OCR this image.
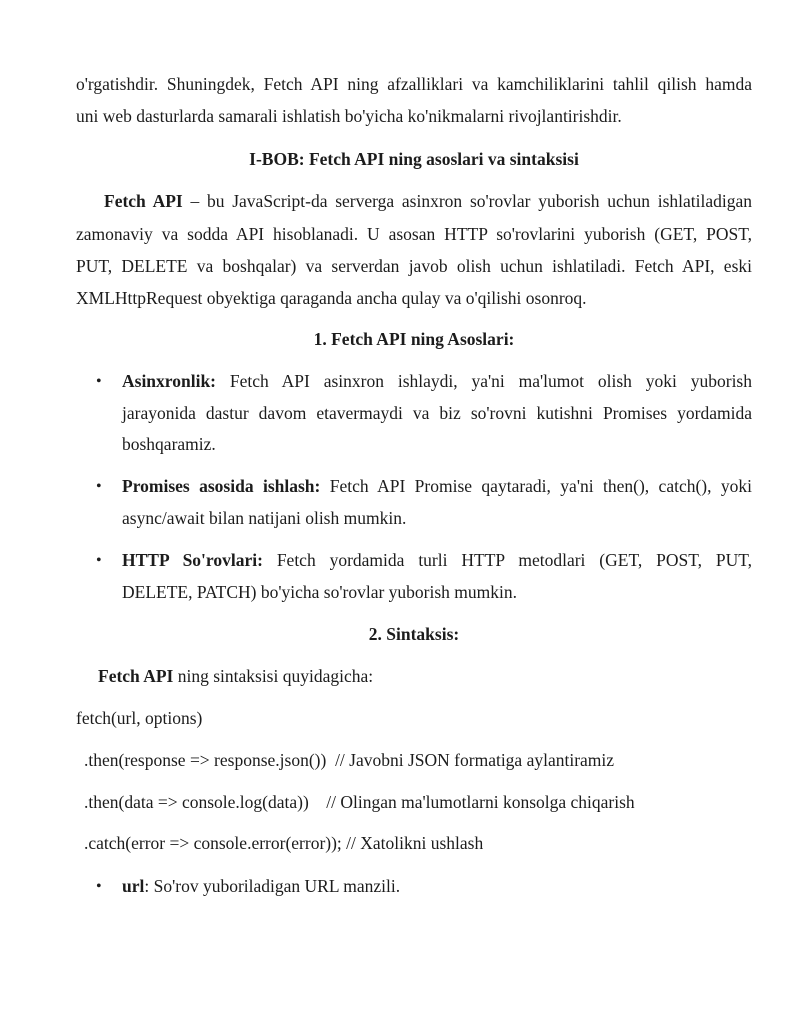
o'rgatishdir. Shuningdek, Fetch API ning afzalliklari va kamchiliklarini tahlil qilish hamda
uni web dasturlarda samarali ishlatish bo'yicha ko'nikmalarni rivojlantirishdir.
I-BOB: Fetch API ning asoslari va sintaksisi
Fetch API – bu JavaScript-da serverga asinxron so'rovlar yuborish uchun ishlatiladigan
zamonaviy va sodda API hisoblanadi. U asosan HTTP so'rovlarini yuborish (GET, POST,
PUT, DELETE va boshqalar) va serverdan javob olish uchun ishlatiladi. Fetch API, eski
XMLHttpRequest obyektiga qaraganda ancha qulay va o'qilishi osonroq.
1. Fetch API ning Asoslari:
• Asinxronlik: Fetch API asinxron ishlaydi, ya'ni ma'lumot olish yoki yuborish
jarayonida dastur davom etavermaydi va biz so'rovni kutishni Promises yordamida
boshqaramiz.
• Promises asosida ishlash: Fetch API Promise qaytaradi, ya'ni then(), catch(), yoki
async/await bilan natijani olish mumkin.
• HTTP So'rovlari: Fetch yordamida turli HTTP metodlari (GET, POST, PUT,
DELETE, PATCH) bo'yicha so'rovlar yuborish mumkin.
2. Sintaksis:
Fetch API ning sintaksisi quyidagicha:
fetch(url, options)
.then(response => response.json())  // Javobni JSON formatiga aylantiramiz
.then(data => console.log(data))    // Olingan ma'lumotlarni konsolga chiqarish
.catch(error => console.error(error)); // Xatolikni ushlash
• url: So'rov yuboriladigan URL manzili.
